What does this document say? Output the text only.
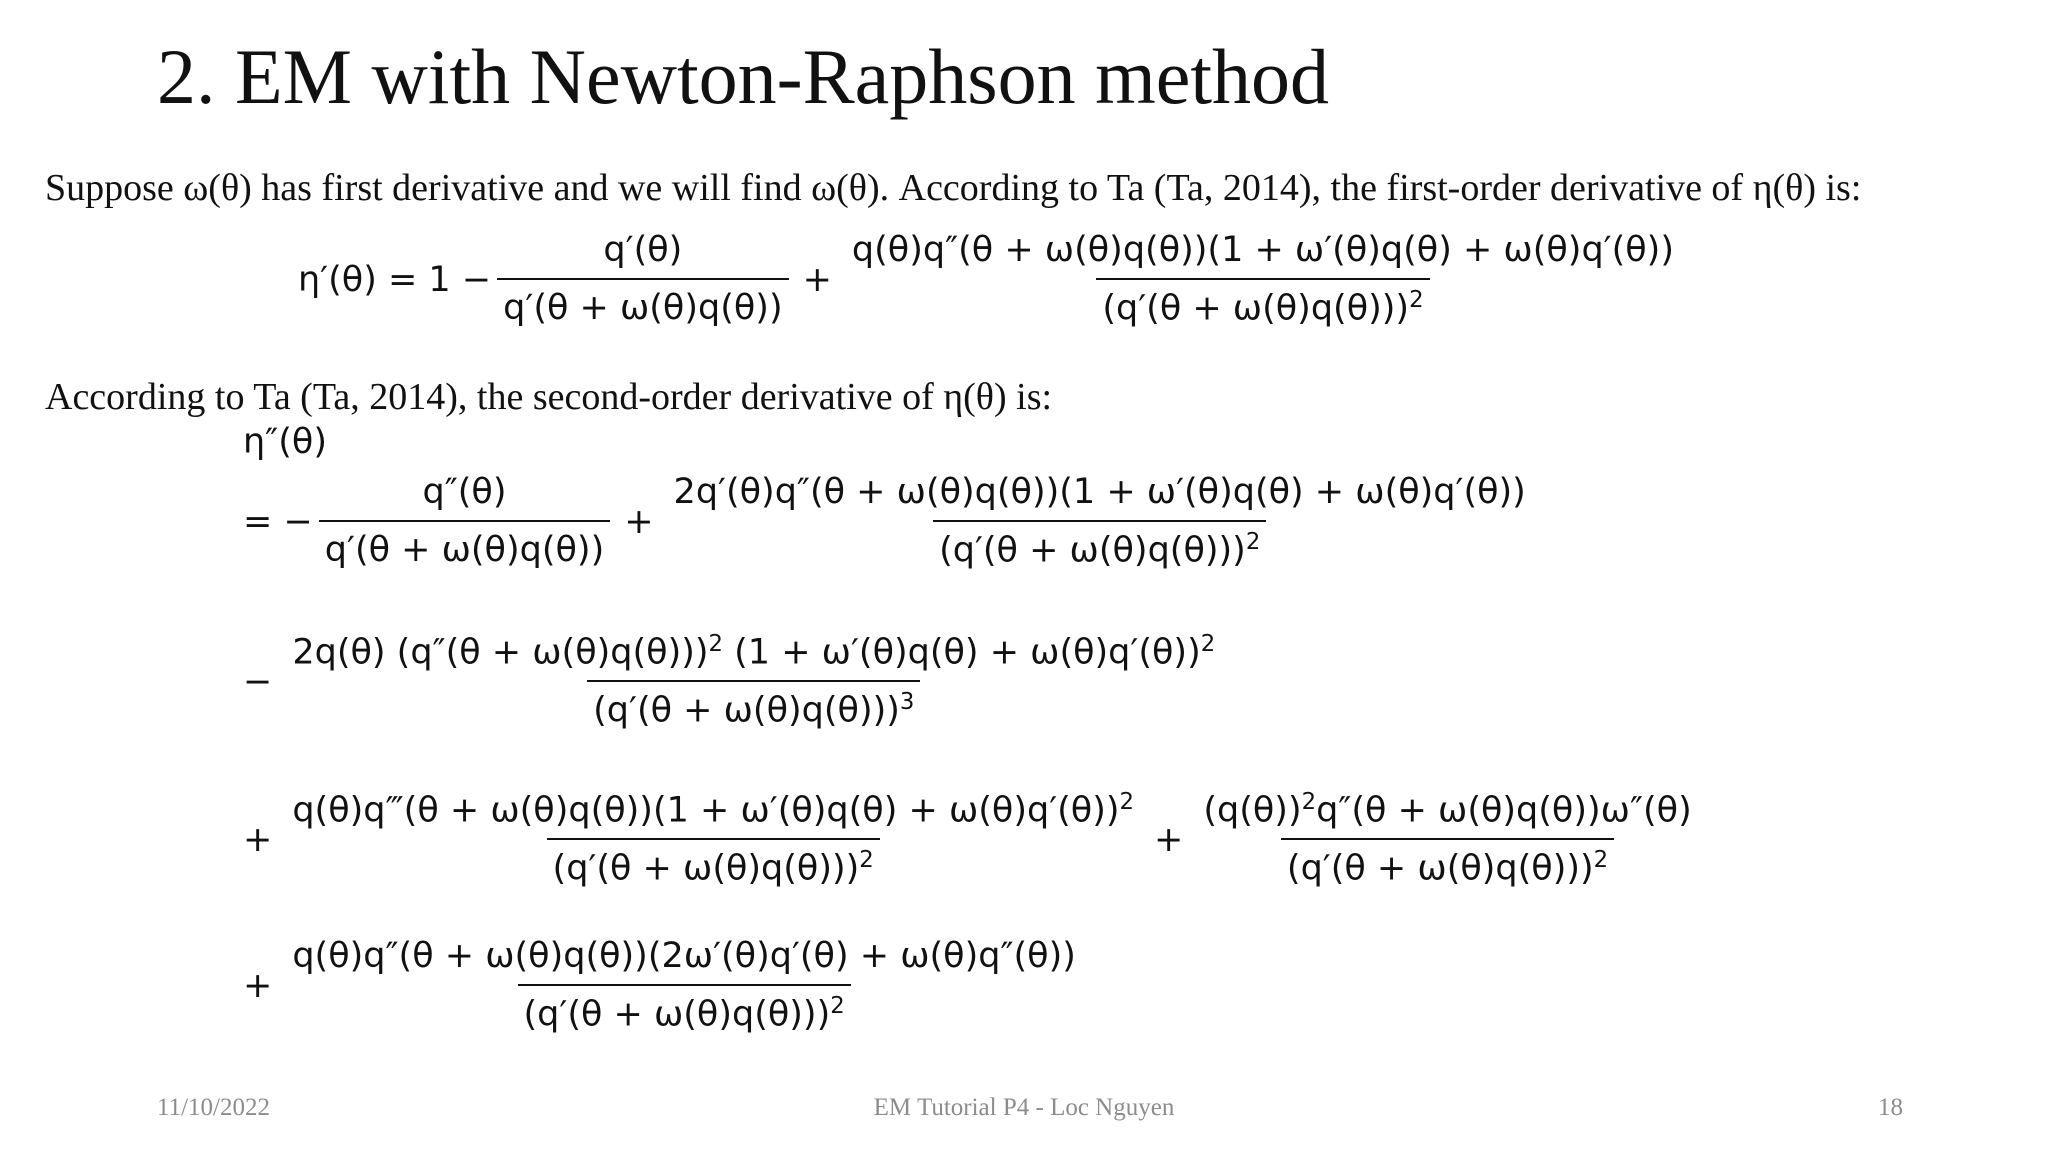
2. EM with Newton-Raphson method
Suppose ω(θ) has first derivative and we will find ω(θ). According to Ta (Ta, 2014), the first-order derivative of η(θ) is:
$\eta'(\theta) = 1 - \frac{q'(\theta)}{q'(\theta + \omega(\theta)q(\theta))} + \frac{q(\theta)q''(\theta + \omega(\theta)q(\theta))(1 + \omega'(\theta)q(\theta) + \omega(\theta)q'(\theta))}{(q'(\theta + \omega(\theta)q(\theta)))^2}$
According to Ta (Ta, 2014), the second-order derivative of η(θ) is:
η″(θ)
= − $\frac{q''(\theta)}{q'(\theta + \omega(\theta)q(\theta))} + \frac{2q'(\theta)q''(\theta + \omega(\theta)q(\theta))(1 + \omega'(\theta)q(\theta) + \omega(\theta)q'(\theta))}{(q'(\theta + \omega(\theta)q(\theta)))^2}$
− $\frac{2q(\theta) (q''(\theta + \omega(\theta)q(\theta)))^2 (1 + \omega'(\theta)q(\theta) + \omega(\theta)q'(\theta))^2}{(q'(\theta + \omega(\theta)q(\theta)))^3}$
+ $\frac{q(\theta)q‴(\theta + \omega(\theta)q(\theta))(1 + \omega'(\theta)q(\theta) + \omega(\theta)q'(\theta))^2}{(q'(\theta + \omega(\theta)q(\theta)))^2} + \frac{(q(\theta))^2q''(\theta + \omega(\theta)q(\theta))\omega''(\theta)}{(q'(\theta + \omega(\theta)q(\theta)))^2}$
+ $\frac{q(\theta)q''(\theta + \omega(\theta)q(\theta))(2\omega'(\theta)q'(\theta) + \omega(\theta)q''(\theta))}{(q'(\theta + \omega(\theta)q(\theta)))^2}$
11/10/2022	EM Tutorial P4 - Loc Nguyen	18
